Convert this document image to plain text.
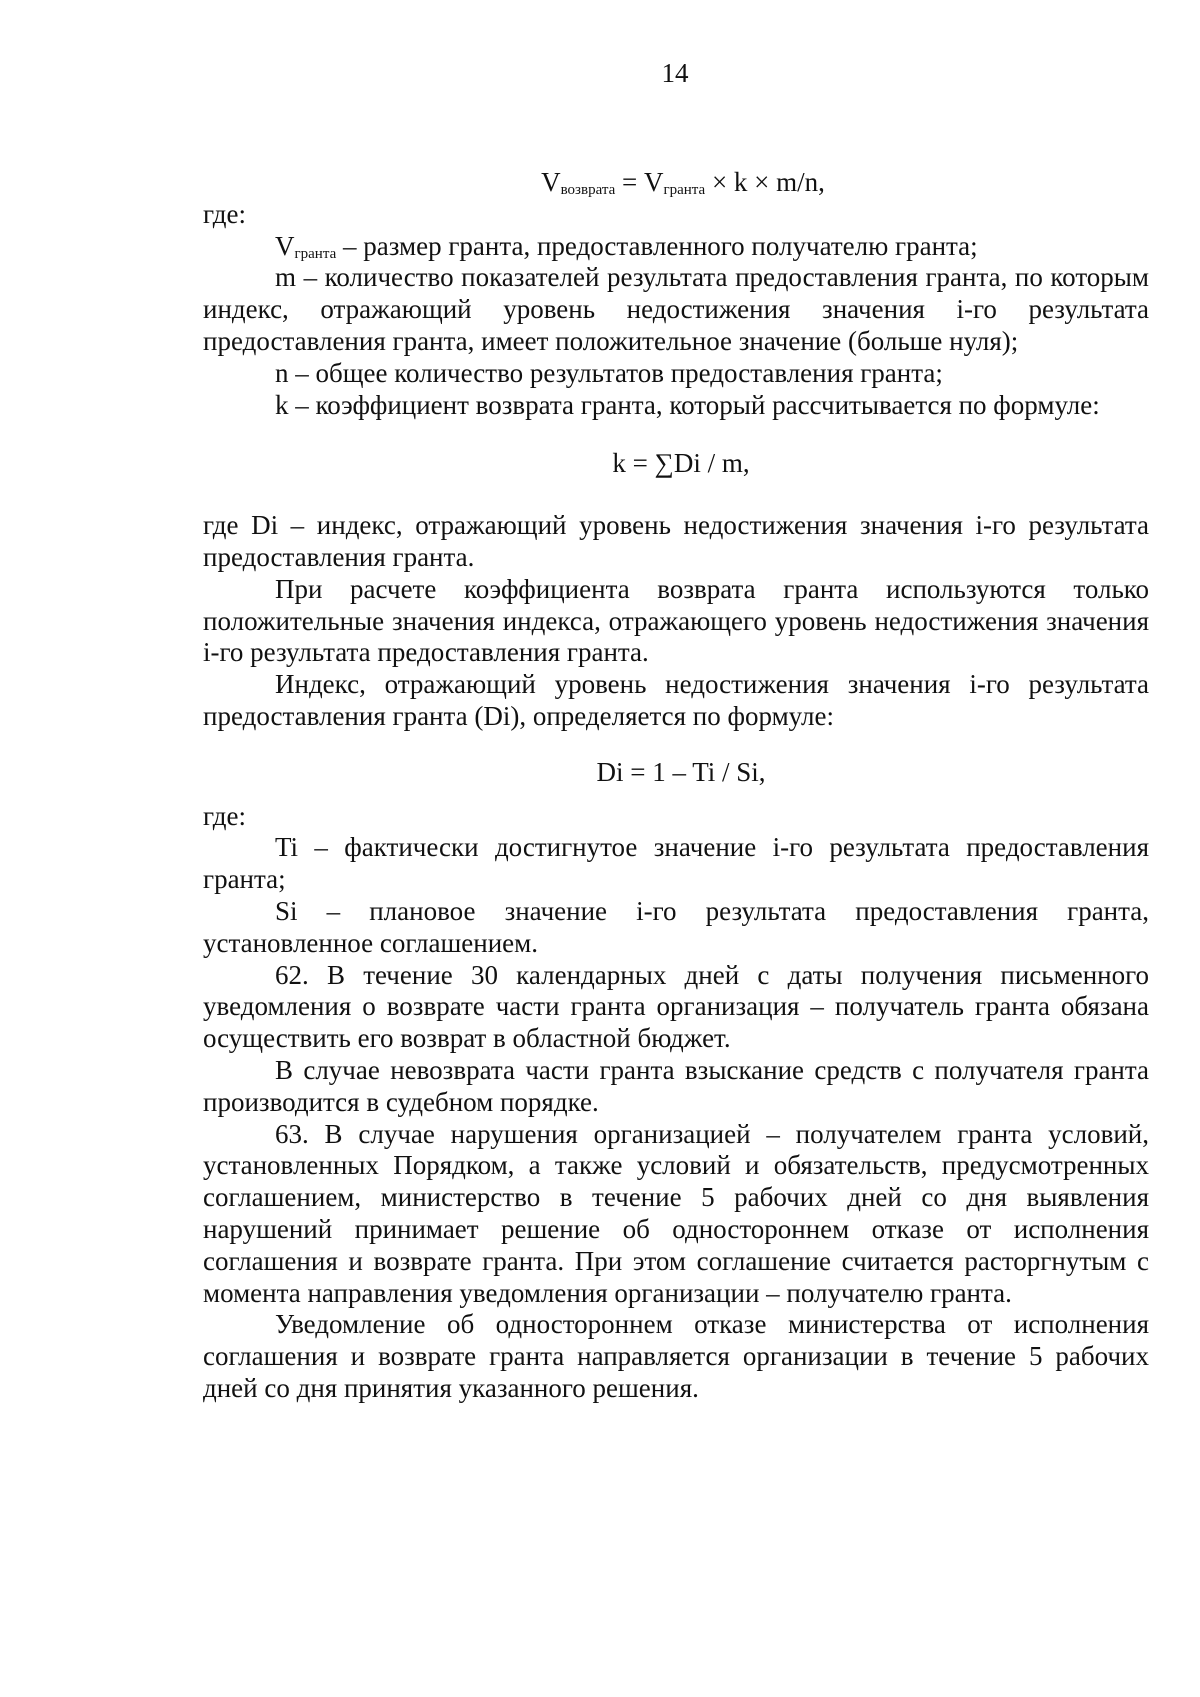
14

$V_{возврата} = V_{гранта} \times k \times m/n$,

где:

$V_{гранта}$ – размер гранта, предоставленного получателю гранта;

m – количество показателей результата предоставления гранта, по которым индекс, отражающий уровень недостижения значения i-го результата предоставления гранта, имеет положительное значение (больше нуля);

n – общее количество результатов предоставления гранта;

k – коэффициент возврата гранта, который рассчитывается по формуле:

k = ∑Di / m,

где Di – индекс, отражающий уровень недостижения значения i-го результата предоставления гранта.

При расчете коэффициента возврата гранта используются только положительные значения индекса, отражающего уровень недостижения значения i-го результата предоставления гранта.

Индекс, отражающий уровень недостижения значения i-го результата предоставления гранта (Di), определяется по формуле:

Di = 1 – Ti / Si,

где:

Ti – фактически достигнутое значение i-го результата предоставления гранта;

Si – плановое значение i-го результата предоставления гранта, установленное соглашением.

62. В течение 30 календарных дней с даты получения письменного уведомления о возврате части гранта организация – получатель гранта обязана осуществить его возврат в областной бюджет.

В случае невозврата части гранта взыскание средств с получателя гранта производится в судебном порядке.

63. В случае нарушения организацией – получателем гранта условий, установленных Порядком, а также условий и обязательств, предусмотренных соглашением, министерство в течение 5 рабочих дней со дня выявления нарушений принимает решение об одностороннем отказе от исполнения соглашения и возврате гранта. При этом соглашение считается расторгнутым с момента направления уведомления организации – получателю гранта.

Уведомление об одностороннем отказе министерства от исполнения соглашения и возврате гранта направляется организации в течение 5 рабочих дней со дня принятия указанного решения.
